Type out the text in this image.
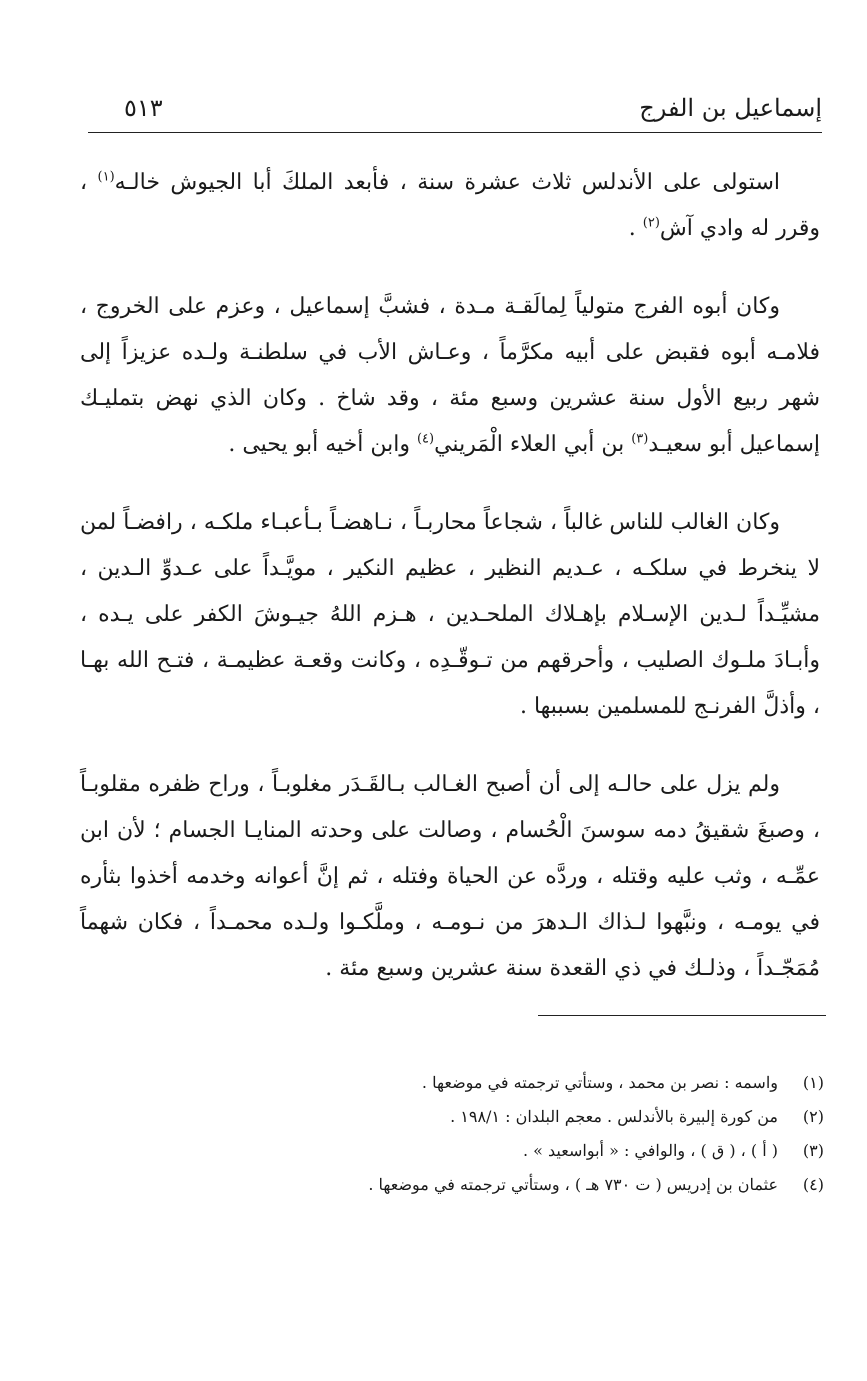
إسماعيل بن الفرج
٥١٣

استولى على الأندلس ثلاث عشرة سنة ، فأبعد الملكَ أبا الجيوش خالـه$^{(١)}$ ، وقرر له وادي آش$^{(٢)}$ .

وكان أبوه الفرج متولياً لِمالَقـة مـدة ، فشبَّ إسماعيل ، وعزم على الخروج ، فلامـه أبوه فقبض على أبيه مكرَّماً ، وعـاش الأب في سلطنـة ولـده عزيزاً إلى شهر ربيع الأول سنة عشرين وسبع مئة ، وقد شاخ . وكان الذي نهض بتمليـك إسماعيل أبو سعيـد$^{(٣)}$ بن أبي العلاء الْمَريني$^{(٤)}$ وابن أخيه أبو يحيى .

وكان الغالب للناس غالباً ، شجاعاً محاربـاً ، نـاهضـاً بـأعبـاء ملكـه ، رافضـاً لمن لا ينخرط في سلكـه ، عـديم النظير ، عظيم النكير ، مويَّـداً على عـدوِّ الـدين ، مشيِّـداً لـدين الإسـلام بإهـلاك الملحـدين ، هـزم اللهُ جيـوشَ الكفر على يـده ، وأبـادَ ملـوك الصليب ، وأحرقهم من تـوقّـدِه ، وكانت وقعـة عظيمـة ، فتـح الله بهـا ، وأذلَّ الفرنـج للمسلمين بسببها .

ولم يزل على حالـه إلى أن أصبح الغـالب بـالقَـدَر مغلوبـاً ، وراح ظفره مقلوبـاً ، وصبغَ شقيقُ دمه سوسنَ الْحُسام ، وصالت على وحدته المنايـا الجسام ؛ لأن ابن عمِّـه ، وثب عليه وقتله ، وردَّه عن الحياة وفتله ، ثم إنَّ أعوانه وخدمه أخذوا بثأره في يومـه ، ونبَّهوا لـذاك الـدهرَ من نـومـه ، وملَّكـوا ولـده محمـداً ، فكان شهماً مُمَجّـداً ، وذلـك في ذي القعدة سنة عشرين وسبع مئة .

(١)
واسمه : نصر بن محمد ، وستأتي ترجمته في موضعها .
(٢)
من كورة إلبيرة بالأندلس . معجم البلدان : ١٩٨/١ .
(٣)
( أ ) ، ( ق ) ، والوافي : « أبواسعيد » .
(٤)
عثمان بن إدريس ( ت ٧٣٠ هـ ) ، وستأتي ترجمته في موضعها .
